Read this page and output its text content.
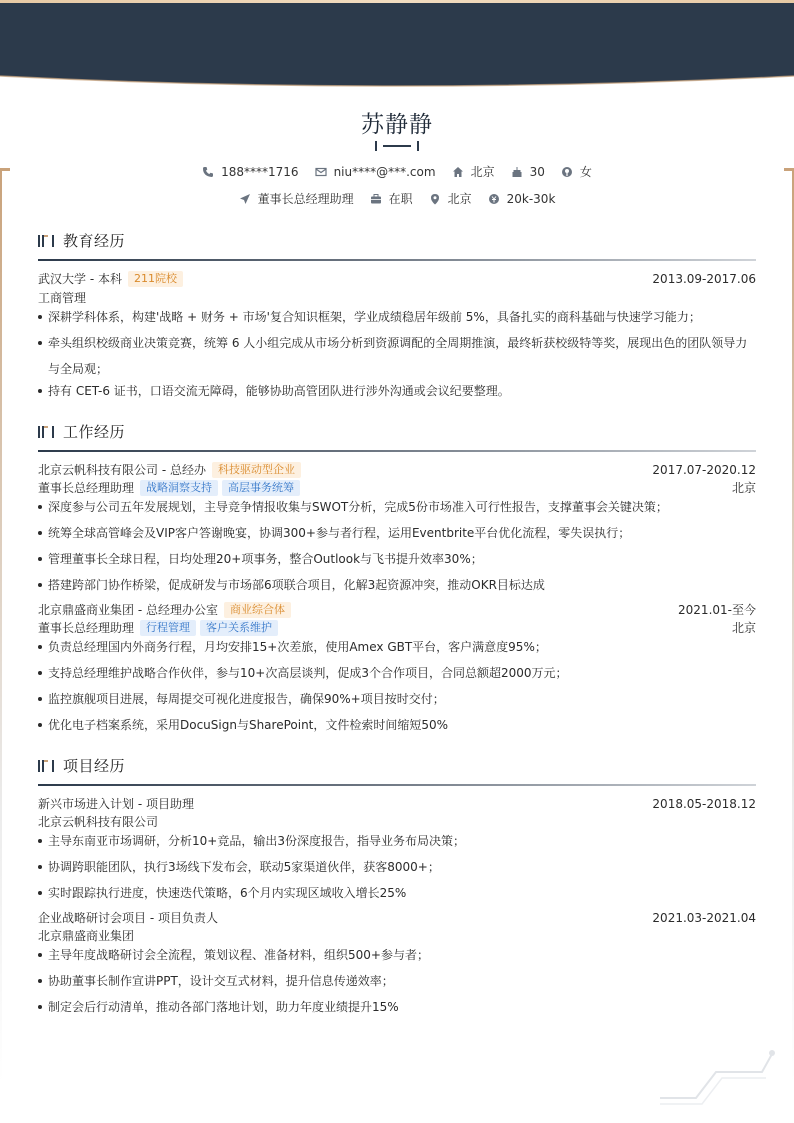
苏静静
188****1716	niu****@***.com	北京	30	女
董事长总经理助理	在职	北京	20k-30k
教育经历
武汉大学 - 本科	211院校	2013.09-2017.06
工商管理
深耕学科体系，构建'战略 + 财务 + 市场'复合知识框架，学业成绩稳居年级前 5%，具备扎实的商科基础与快速学习能力；
牵头组织校级商业决策竞赛，统筹 6 人小组完成从市场分析到资源调配的全周期推演，最终斩获校级特等奖，展现出色的团队领导力与全局观；
持有 CET-6 证书，口语交流无障碍，能够协助高管团队进行涉外沟通或会议纪要整理。
工作经历
北京云帆科技有限公司 - 总经办	科技驱动型企业	2017.07-2020.12
董事长总经理助理	战略洞察支持	高层事务统筹	北京
深度参与公司五年发展规划，主导竞争情报收集与SWOT分析，完成5份市场准入可行性报告，支撑董事会关键决策；
统筹全球高管峰会及VIP客户答谢晚宴，协调300+参与者行程，运用Eventbrite平台优化流程，零失误执行；
管理董事长全球日程，日均处理20+项事务，整合Outlook与飞书提升效率30%；
搭建跨部门协作桥梁，促成研发与市场部6项联合项目，化解3起资源冲突，推动OKR目标达成
北京鼎盛商业集团 - 总经理办公室	商业综合体	2021.01-至今
董事长总经理助理	行程管理	客户关系维护	北京
负责总经理国内外商务行程，月均安排15+次差旅，使用Amex GBT平台，客户满意度95%；
支持总经理维护战略合作伙伴，参与10+次高层谈判，促成3个合作项目，合同总额超2000万元；
监控旗舰项目进展，每周提交可视化进度报告，确保90%+项目按时交付；
优化电子档案系统，采用DocuSign与SharePoint，文件检索时间缩短50%
项目经历
新兴市场进入计划 - 项目助理	2018.05-2018.12
北京云帆科技有限公司
主导东南亚市场调研，分析10+竞品，输出3份深度报告，指导业务布局决策；
协调跨职能团队，执行3场线下发布会，联动5家渠道伙伴，获客8000+；
实时跟踪执行进度，快速迭代策略，6个月内实现区域收入增长25%
企业战略研讨会项目 - 项目负责人	2021.03-2021.04
北京鼎盛商业集团
主导年度战略研讨会全流程，策划议程、准备材料，组织500+参与者；
协助董事长制作宣讲PPT，设计交互式材料，提升信息传递效率；
制定会后行动清单，推动各部门落地计划，助力年度业绩提升15%
